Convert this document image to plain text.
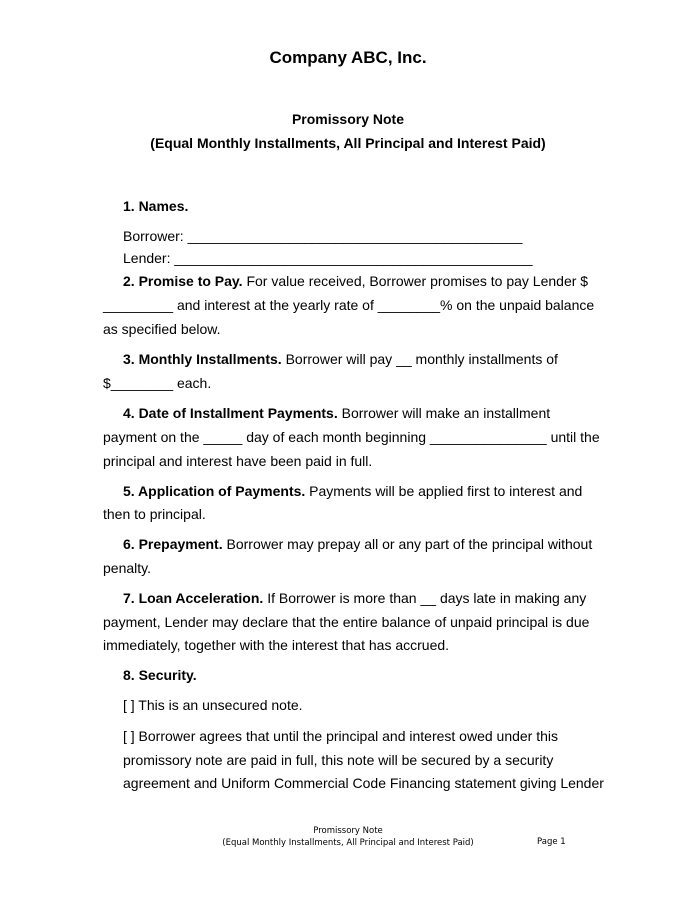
Company ABC, Inc.
Promissory Note
(Equal Monthly Installments, All Principal and Interest Paid)
1. Names.
Borrower: ___________________________________________
Lender: ______________________________________________
2. Promise to Pay. For value received, Borrower promises to pay Lender $
_________ and interest at the yearly rate of ________% on the unpaid balance
as specified below.
3. Monthly Installments. Borrower will pay __ monthly installments of
$________ each.
4. Date of Installment Payments. Borrower will make an installment
payment on the _____ day of each month beginning _______________ until the
principal and interest have been paid in full.
5. Application of Payments. Payments will be applied first to interest and
then to principal.
6. Prepayment. Borrower may prepay all or any part of the principal without
penalty.
7. Loan Acceleration. If Borrower is more than __ days late in making any
payment, Lender may declare that the entire balance of unpaid principal is due
immediately, together with the interest that has accrued.
8. Security.
[ ] This is an unsecured note.
[ ] Borrower agrees that until the principal and interest owed under this
promissory note are paid in full, this note will be secured by a security
agreement and Uniform Commercial Code Financing statement giving Lender
Promissory Note
(Equal Monthly Installments, All Principal and Interest Paid)	Page 1
